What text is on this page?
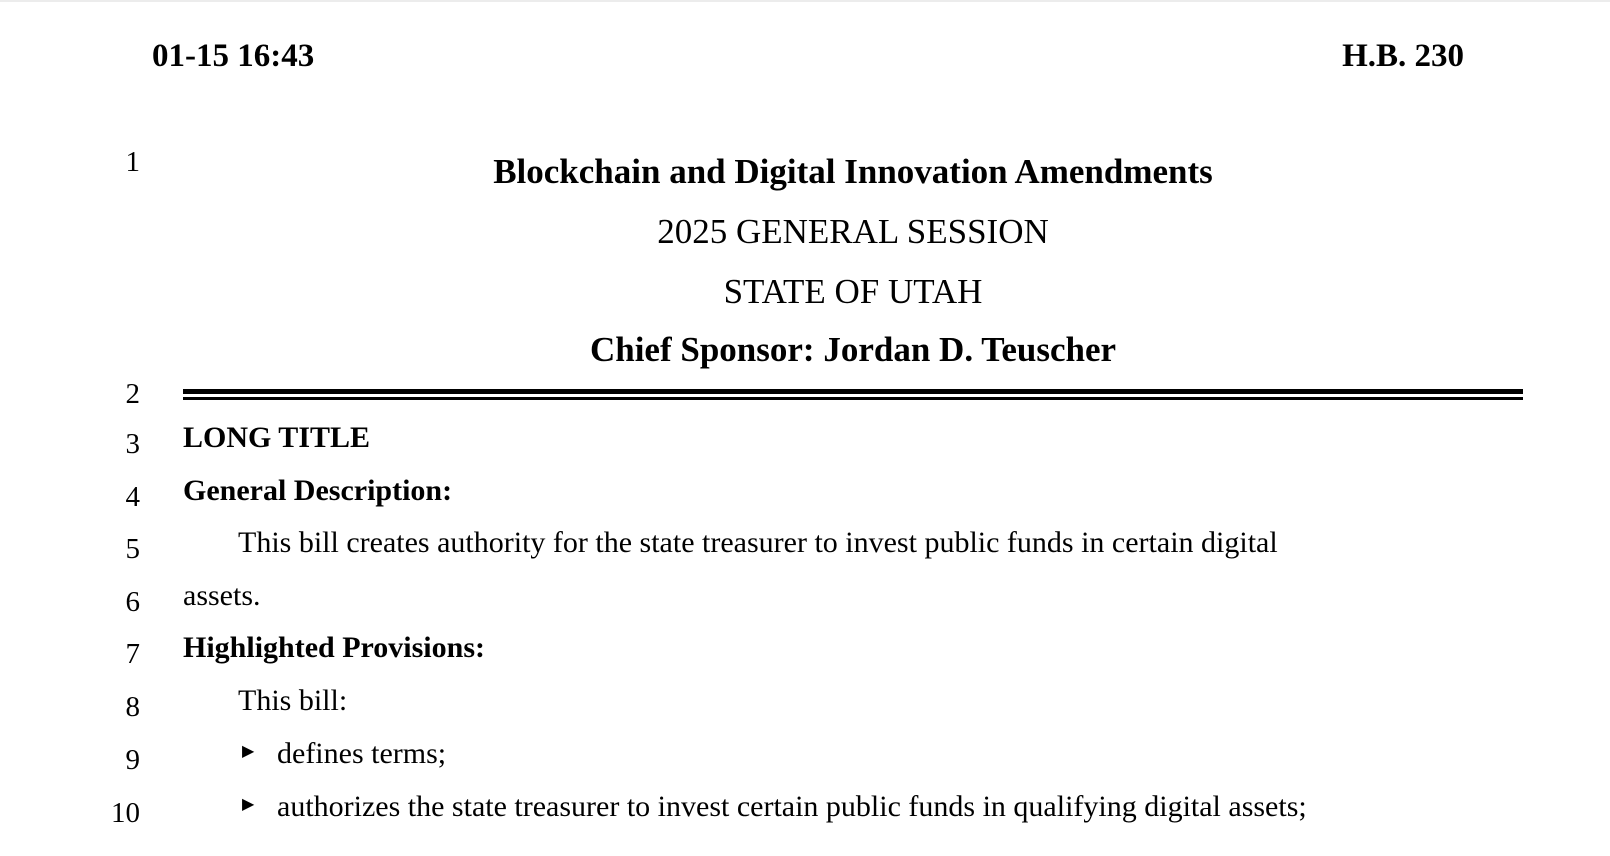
01-15 16:43	H.B. 230
1
2
3
4
5
6
7
8
9
10
Blockchain and Digital Innovation Amendments
2025 GENERAL SESSION
STATE OF UTAH
Chief Sponsor: Jordan D. Teuscher
LONG TITLE
General Description:
This bill creates authority for the state treasurer to invest public funds in certain digital
assets.
Highlighted Provisions:
This bill:
▶ defines terms;
▶ authorizes the state treasurer to invest certain public funds in qualifying digital assets;
